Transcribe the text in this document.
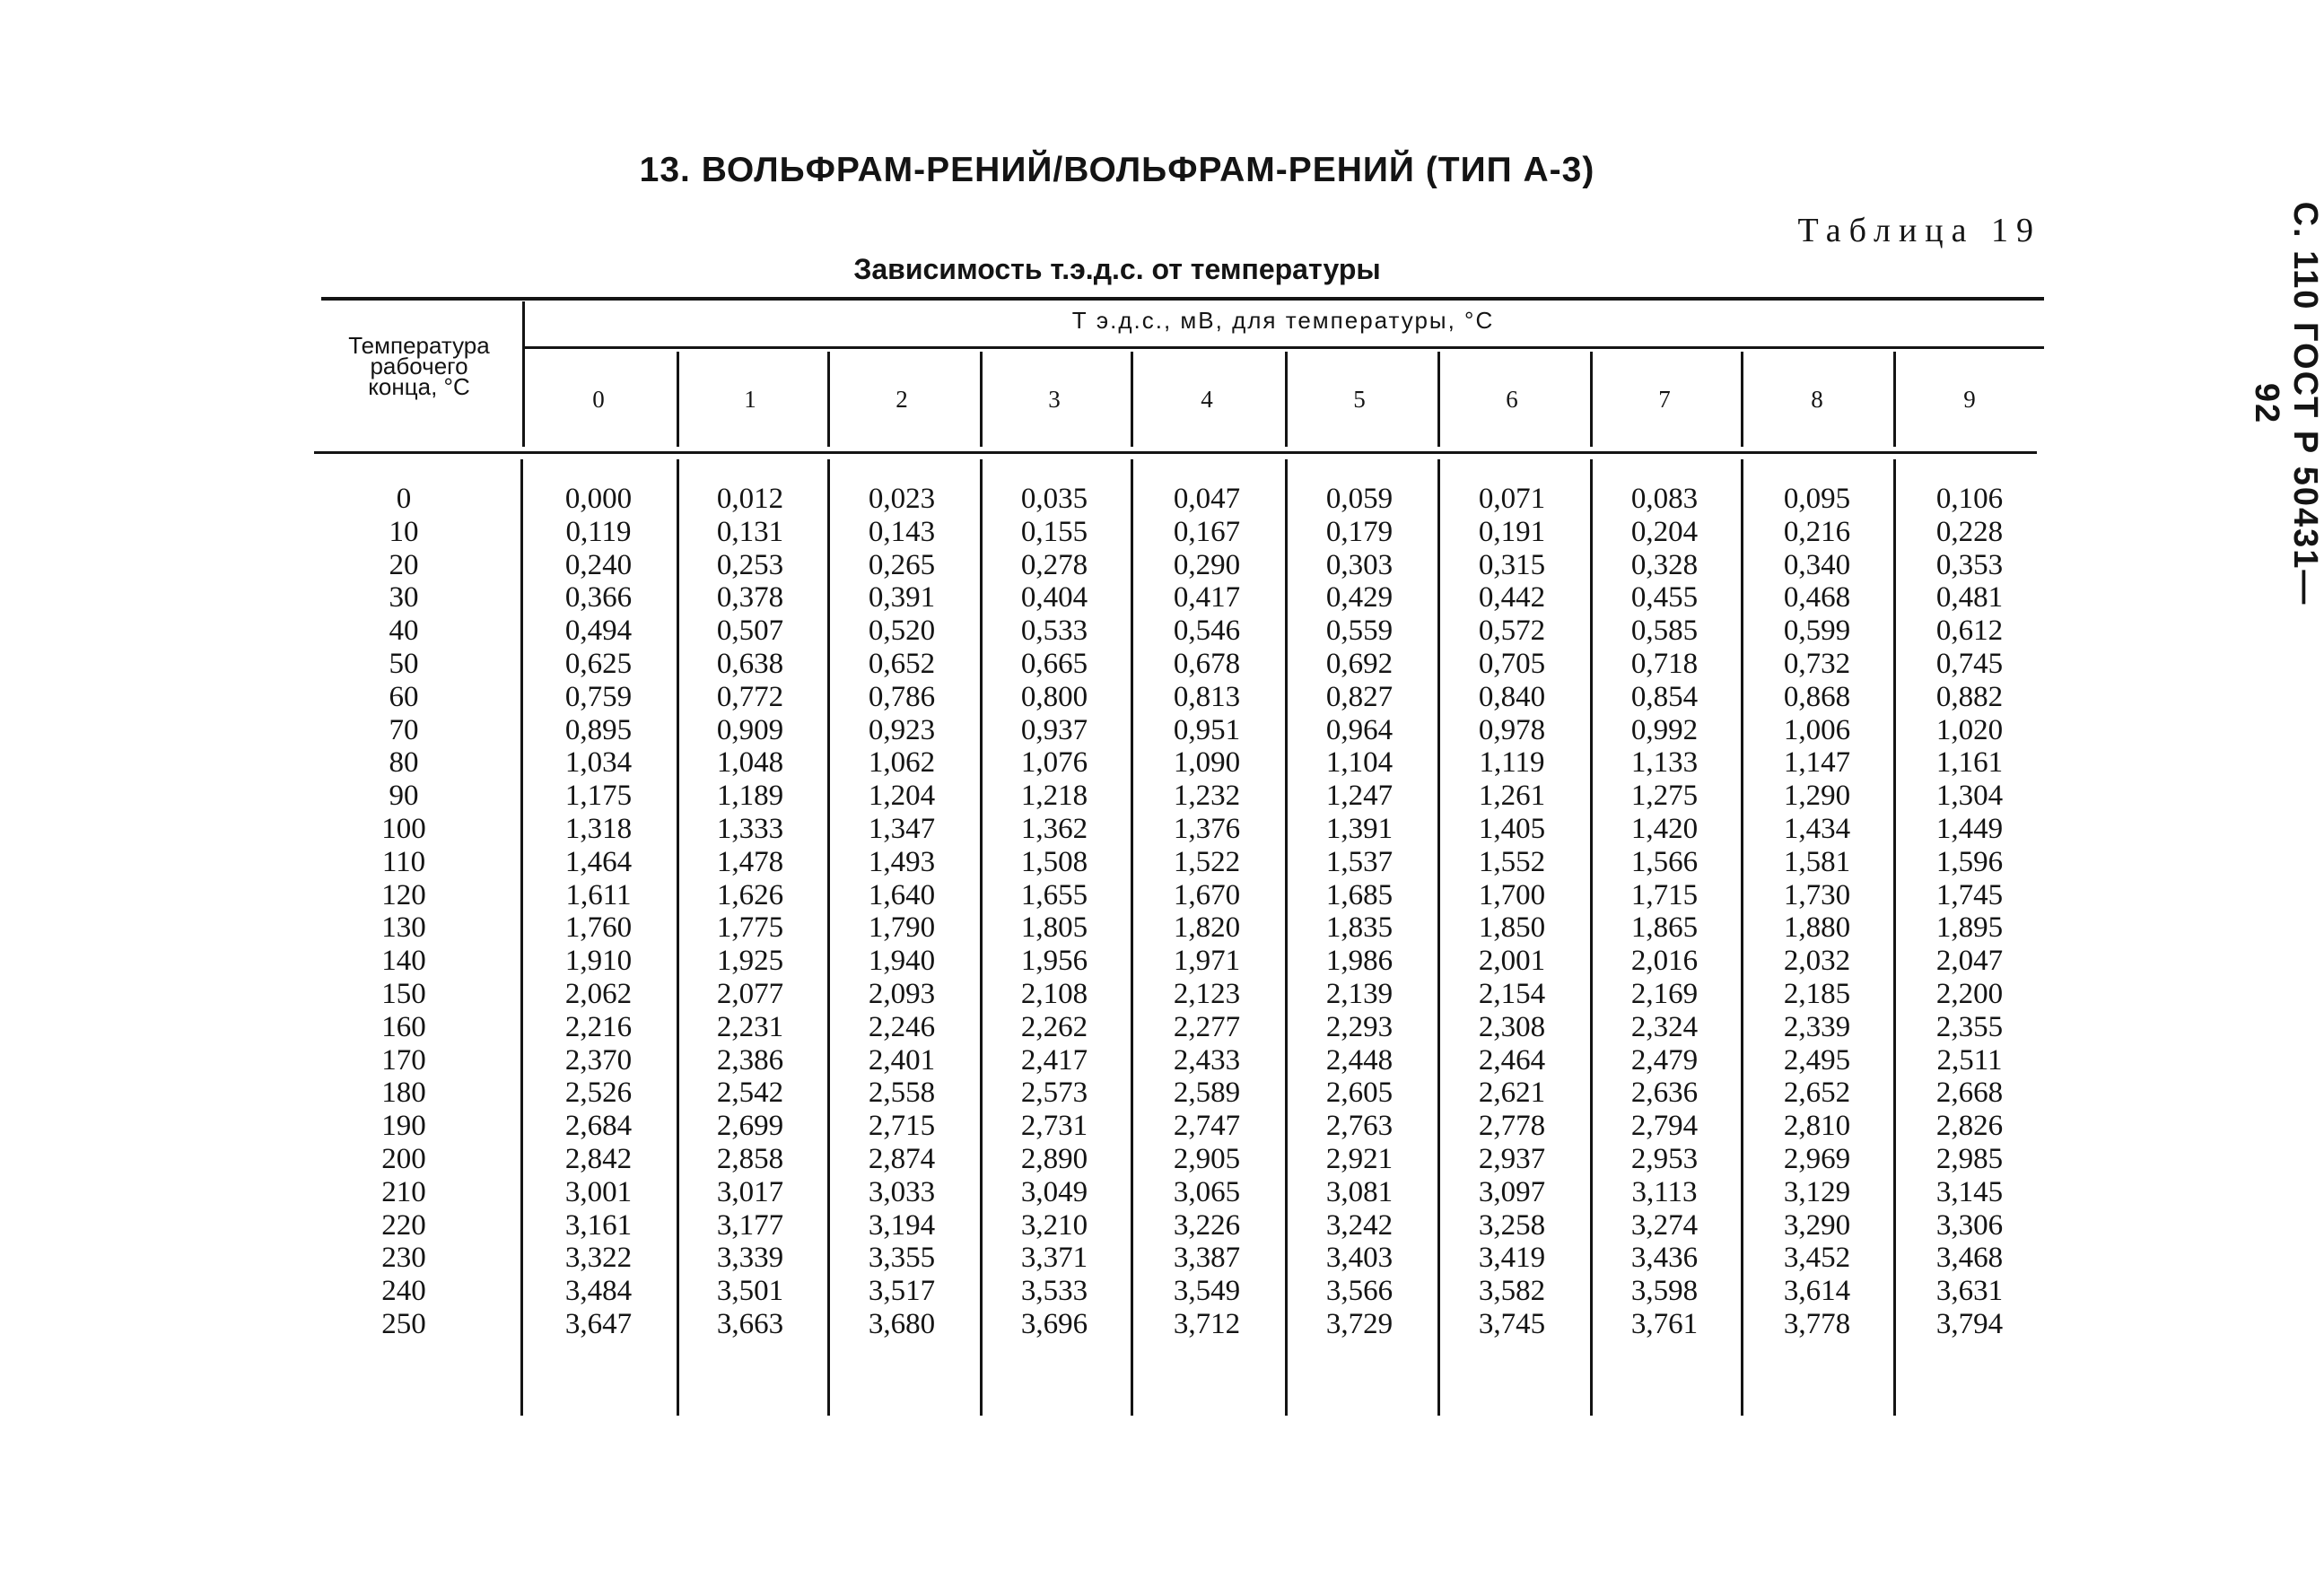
13. ВОЛЬФРАМ-РЕНИЙ/ВОЛЬФРАМ-РЕНИЙ (ТИП А-3)
Таблица 19
Зависимость т.э.д.с. от температуры	С. 110 ГОСТ Р 50431—92
Температура
рабочего
конца, °С
Т э.д.с., мВ, для температуры, °С
0	1	2	3	4	5	6	7	8	9
0	0,000	0,012	0,023	0,035	0,047	0,059	0,071	0,083	0,095	0,106
10	0,119	0,131	0,143	0,155	0,167	0,179	0,191	0,204	0,216	0,228
20	0,240	0,253	0,265	0,278	0,290	0,303	0,315	0,328	0,340	0,353
30	0,366	0,378	0,391	0,404	0,417	0,429	0,442	0,455	0,468	0,481
40	0,494	0,507	0,520	0,533	0,546	0,559	0,572	0,585	0,599	0,612
50	0,625	0,638	0,652	0,665	0,678	0,692	0,705	0,718	0,732	0,745
60	0,759	0,772	0,786	0,800	0,813	0,827	0,840	0,854	0,868	0,882
70	0,895	0,909	0,923	0,937	0,951	0,964	0,978	0,992	1,006	1,020
80	1,034	1,048	1,062	1,076	1,090	1,104	1,119	1,133	1,147	1,161
90	1,175	1,189	1,204	1,218	1,232	1,247	1,261	1,275	1,290	1,304
100	1,318	1,333	1,347	1,362	1,376	1,391	1,405	1,420	1,434	1,449
110	1,464	1,478	1,493	1,508	1,522	1,537	1,552	1,566	1,581	1,596
120	1,611	1,626	1,640	1,655	1,670	1,685	1,700	1,715	1,730	1,745
130	1,760	1,775	1,790	1,805	1,820	1,835	1,850	1,865	1,880	1,895
140	1,910	1,925	1,940	1,956	1,971	1,986	2,001	2,016	2,032	2,047
150	2,062	2,077	2,093	2,108	2,123	2,139	2,154	2,169	2,185	2,200
160	2,216	2,231	2,246	2,262	2,277	2,293	2,308	2,324	2,339	2,355
170	2,370	2,386	2,401	2,417	2,433	2,448	2,464	2,479	2,495	2,511
180	2,526	2,542	2,558	2,573	2,589	2,605	2,621	2,636	2,652	2,668
190	2,684	2,699	2,715	2,731	2,747	2,763	2,778	2,794	2,810	2,826
200	2,842	2,858	2,874	2,890	2,905	2,921	2,937	2,953	2,969	2,985
210	3,001	3,017	3,033	3,049	3,065	3,081	3,097	3,113	3,129	3,145
220	3,161	3,177	3,194	3,210	3,226	3,242	3,258	3,274	3,290	3,306
230	3,322	3,339	3,355	3,371	3,387	3,403	3,419	3,436	3,452	3,468
240	3,484	3,501	3,517	3,533	3,549	3,566	3,582	3,598	3,614	3,631
250	3,647	3,663	3,680	3,696	3,712	3,729	3,745	3,761	3,778	3,794
